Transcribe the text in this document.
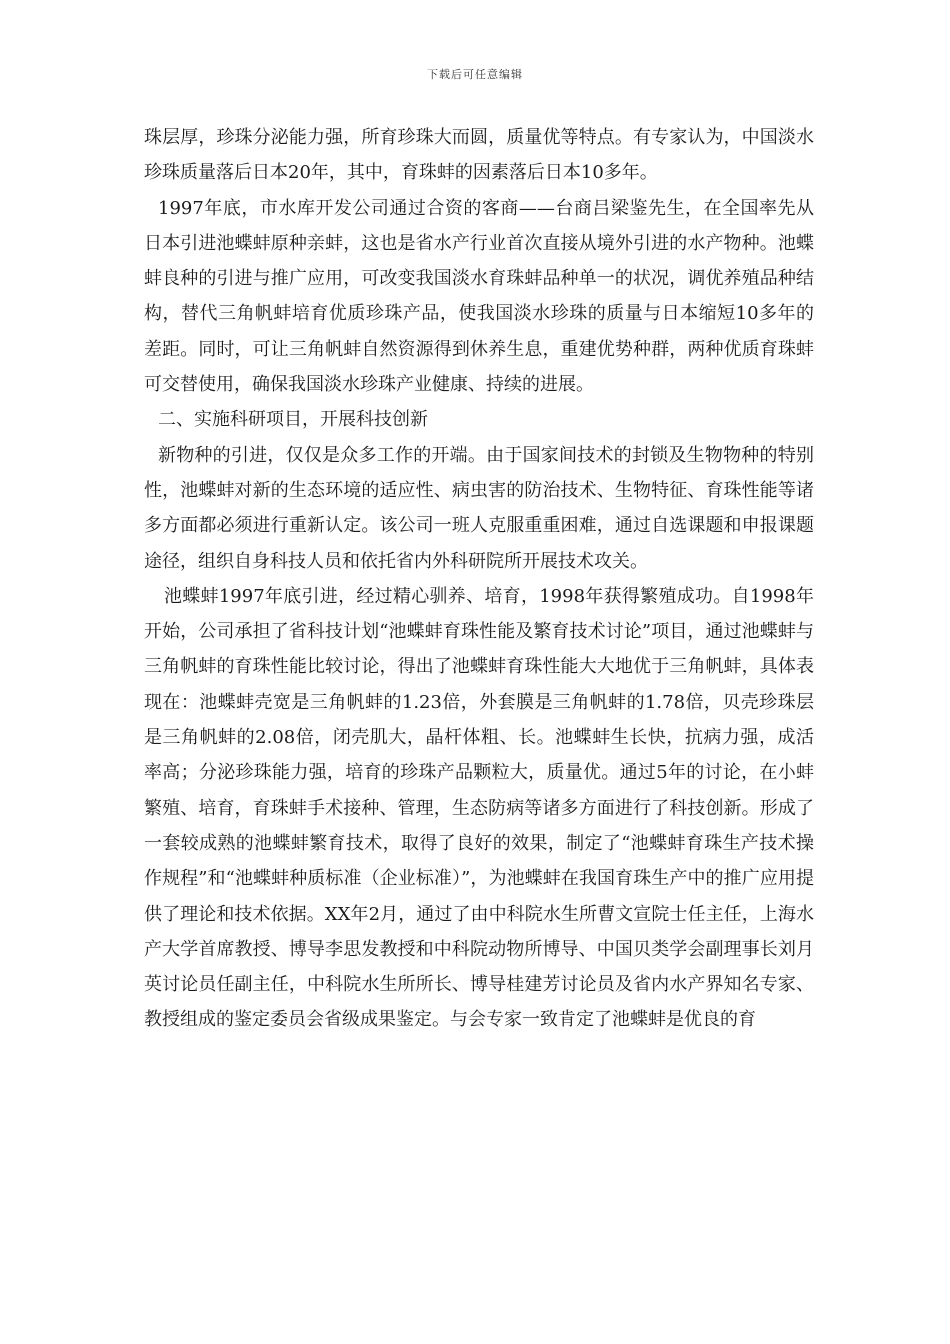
下载后可任意编辑

珠层厚，珍珠分泌能力强，所育珍珠大而圆，质量优等特点。有专家认为，中国淡水珍珠质量落后日本20年，其中，育珠蚌的因素落后日本10多年。

1997年底，市水库开发公司通过合资的客商——台商吕梁鉴先生，在全国率先从日本引进池蝶蚌原种亲蚌，这也是省水产行业首次直接从境外引进的水产物种。池蝶蚌良种的引进与推广应用，可改变我国淡水育珠蚌品种单一的状况，调优养殖品种结构，替代三角帆蚌培育优质珍珠产品，使我国淡水珍珠的质量与日本缩短10多年的差距。同时，可让三角帆蚌自然资源得到休养生息，重建优势种群，两种优质育珠蚌可交替使用，确保我国淡水珍珠产业健康、持续的进展。

二、实施科研项目，开展科技创新

新物种的引进，仅仅是众多工作的开端。由于国家间技术的封锁及生物物种的特别性，池蝶蚌对新的生态环境的适应性、病虫害的防治技术、生物特征、育珠性能等诸多方面都必须进行重新认定。该公司一班人克服重重困难，通过自选课题和申报课题途径，组织自身科技人员和依托省内外科研院所开展技术攻关。

池蝶蚌1997年底引进，经过精心驯养、培育，1998年获得繁殖成功。自1998年开始，公司承担了省科技计划“池蝶蚌育珠性能及繁育技术讨论”项目，通过池蝶蚌与三角帆蚌的育珠性能比较讨论，得出了池蝶蚌育珠性能大大地优于三角帆蚌，具体表现在：池蝶蚌壳宽是三角帆蚌的1.23倍，外套膜是三角帆蚌的1.78倍，贝壳珍珠层是三角帆蚌的2.08倍，闭壳肌大，晶杆体粗、长。池蝶蚌生长快，抗病力强，成活率高；分泌珍珠能力强，培育的珍珠产品颗粒大，质量优。通过5年的讨论，在小蚌繁殖、培育，育珠蚌手术接种、管理，生态防病等诸多方面进行了科技创新。形成了一套较成熟的池蝶蚌繁育技术，取得了良好的效果，制定了“池蝶蚌育珠生产技术操作规程”和“池蝶蚌种质标准（企业标准）”，为池蝶蚌在我国育珠生产中的推广应用提供了理论和技术依据。XX年2月，通过了由中科院水生所曹文宣院士任主任，上海水产大学首席教授、博导李思发教授和中科院动物所博导、中国贝类学会副理事长刘月英讨论员任副主任，中科院水生所所长、博导桂建芳讨论员及省内水产界知名专家、教授组成的鉴定委员会省级成果鉴定。与会专家一致肯定了池蝶蚌是优良的育
